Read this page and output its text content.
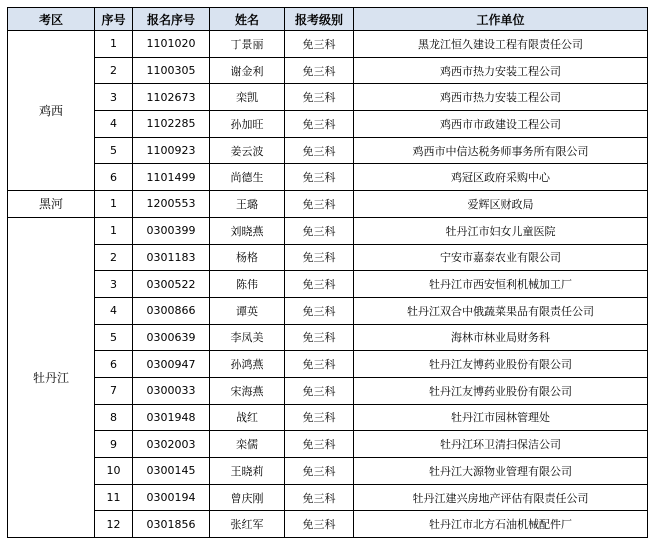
考区	序号	报名序号	姓名	报考级别	工作单位
鸡西	1	1101020	丁景丽	免三科	黑龙江恒久建设工程有限责任公司
	2	1100305	谢金利	免三科	鸡西市热力安装工程公司
	3	1102673	栾凯	免三科	鸡西市热力安装工程公司
	4	1102285	孙加旺	免三科	鸡西市市政建设工程公司
	5	1100923	姜云波	免三科	鸡西市中信达税务师事务所有限公司
	6	1101499	尚德生	免三科	鸡冠区政府采购中心
黑河	1	1200553	王璐	免三科	爱辉区财政局
牡丹江	1	0300399	刘晓燕	免三科	牡丹江市妇女儿童医院
	2	0301183	杨格	免三科	宁安市嘉泰农业有限公司
	3	0300522	陈伟	免三科	牡丹江市西安恒利机械加工厂
	4	0300866	谭英	免三科	牡丹江双合中俄蔬菜果品有限责任公司
	5	0300639	李凤美	免三科	海林市林业局财务科
	6	0300947	孙鸿燕	免三科	牡丹江友博药业股份有限公司
	7	0300033	宋海燕	免三科	牡丹江友博药业股份有限公司
	8	0301948	战红	免三科	牡丹江市园林管理处
	9	0302003	栾儒	免三科	牡丹江环卫清扫保洁公司
	10	0300145	王晓莉	免三科	牡丹江大源物业管理有限公司
	11	0300194	曾庆刚	免三科	牡丹江建兴房地产评估有限责任公司
	12	0301856	张红军	免三科	牡丹江市北方石油机械配件厂
